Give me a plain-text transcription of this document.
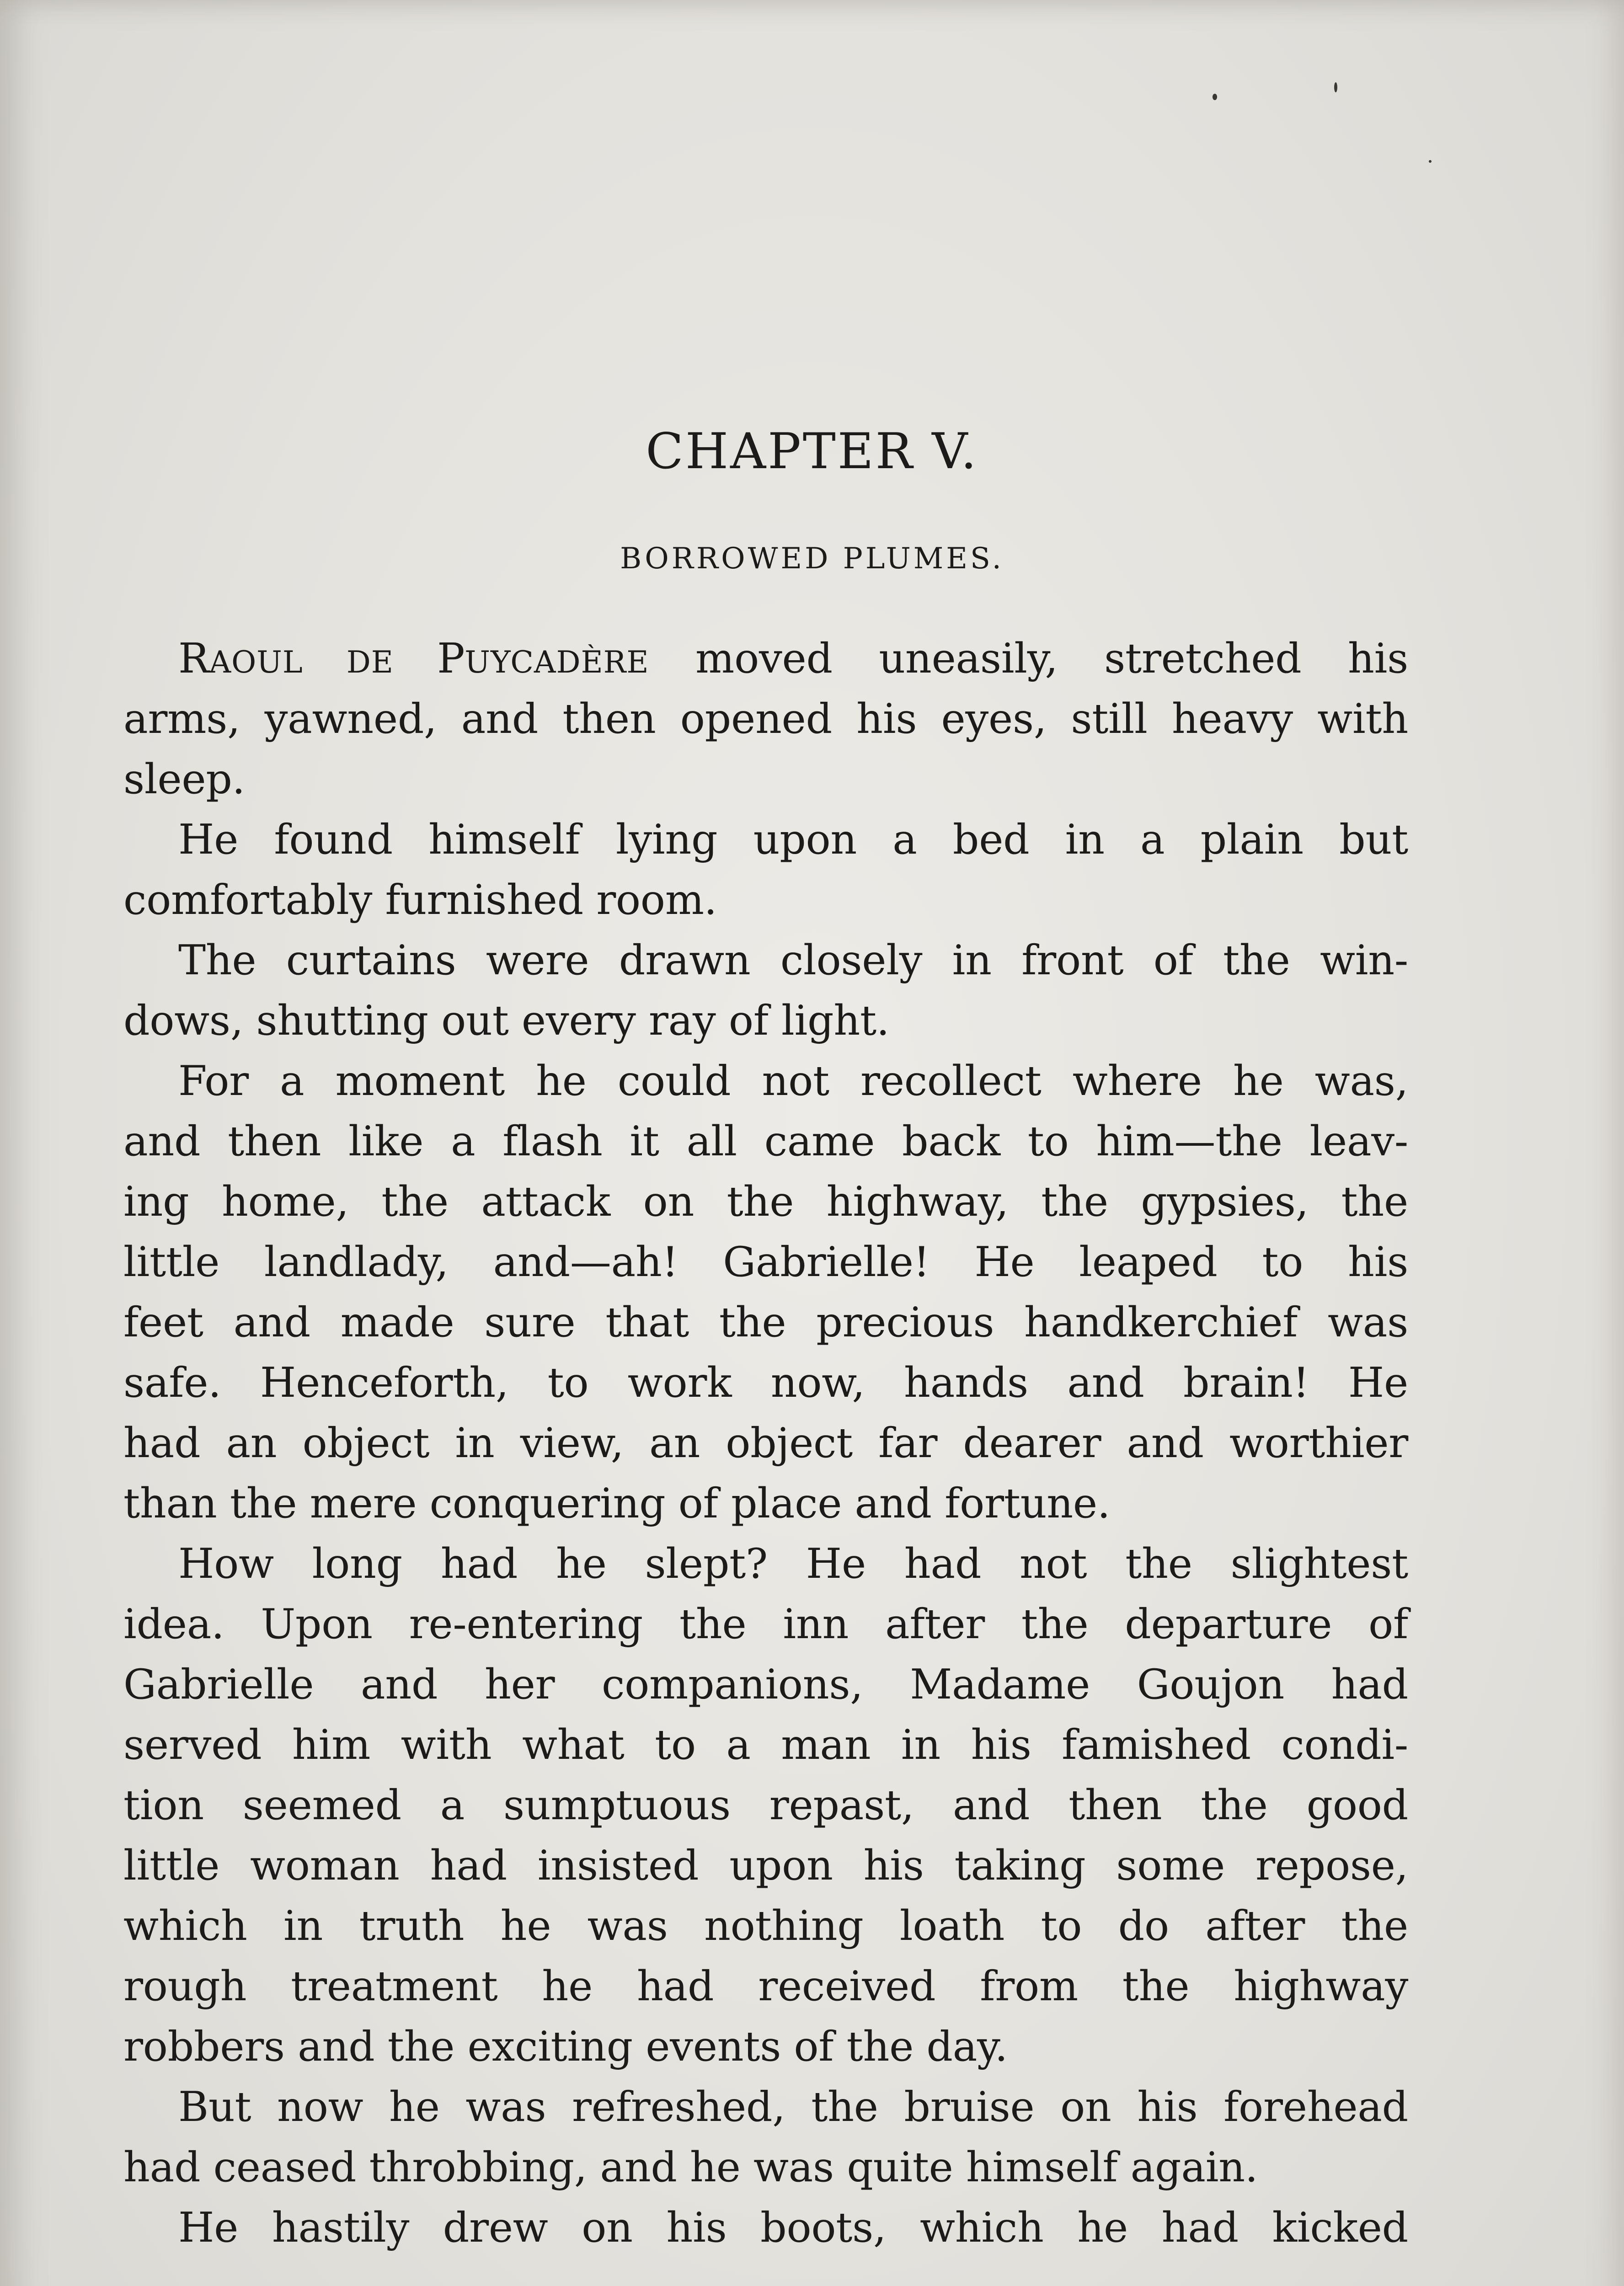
CHAPTER V.
BORROWED PLUMES.
RAOUL DE PUYCADÈRE moved uneasily, stretched his
arms, yawned, and then opened his eyes, still heavy with
sleep.
He found himself lying upon a bed in a plain but
comfortably furnished room.
The curtains were drawn closely in front of the win-
dows, shutting out every ray of light.
For a moment he could not recollect where he was,
and then like a flash it all came back to him—the leav-
ing home, the attack on the highway, the gypsies, the
little landlady, and—ah! Gabrielle! He leaped to his
feet and made sure that the precious handkerchief was
safe. Henceforth, to work now, hands and brain! He
had an object in view, an object far dearer and worthier
than the mere conquering of place and fortune.
How long had he slept? He had not the slightest
idea. Upon re-entering the inn after the departure of
Gabrielle and her companions, Madame Goujon had
served him with what to a man in his famished condi-
tion seemed a sumptuous repast, and then the good
little woman had insisted upon his taking some repose,
which in truth he was nothing loath to do after the
rough treatment he had received from the highway
robbers and the exciting events of the day.
But now he was refreshed, the bruise on his forehead
had ceased throbbing, and he was quite himself again.
He hastily drew on his boots, which he had kicked
